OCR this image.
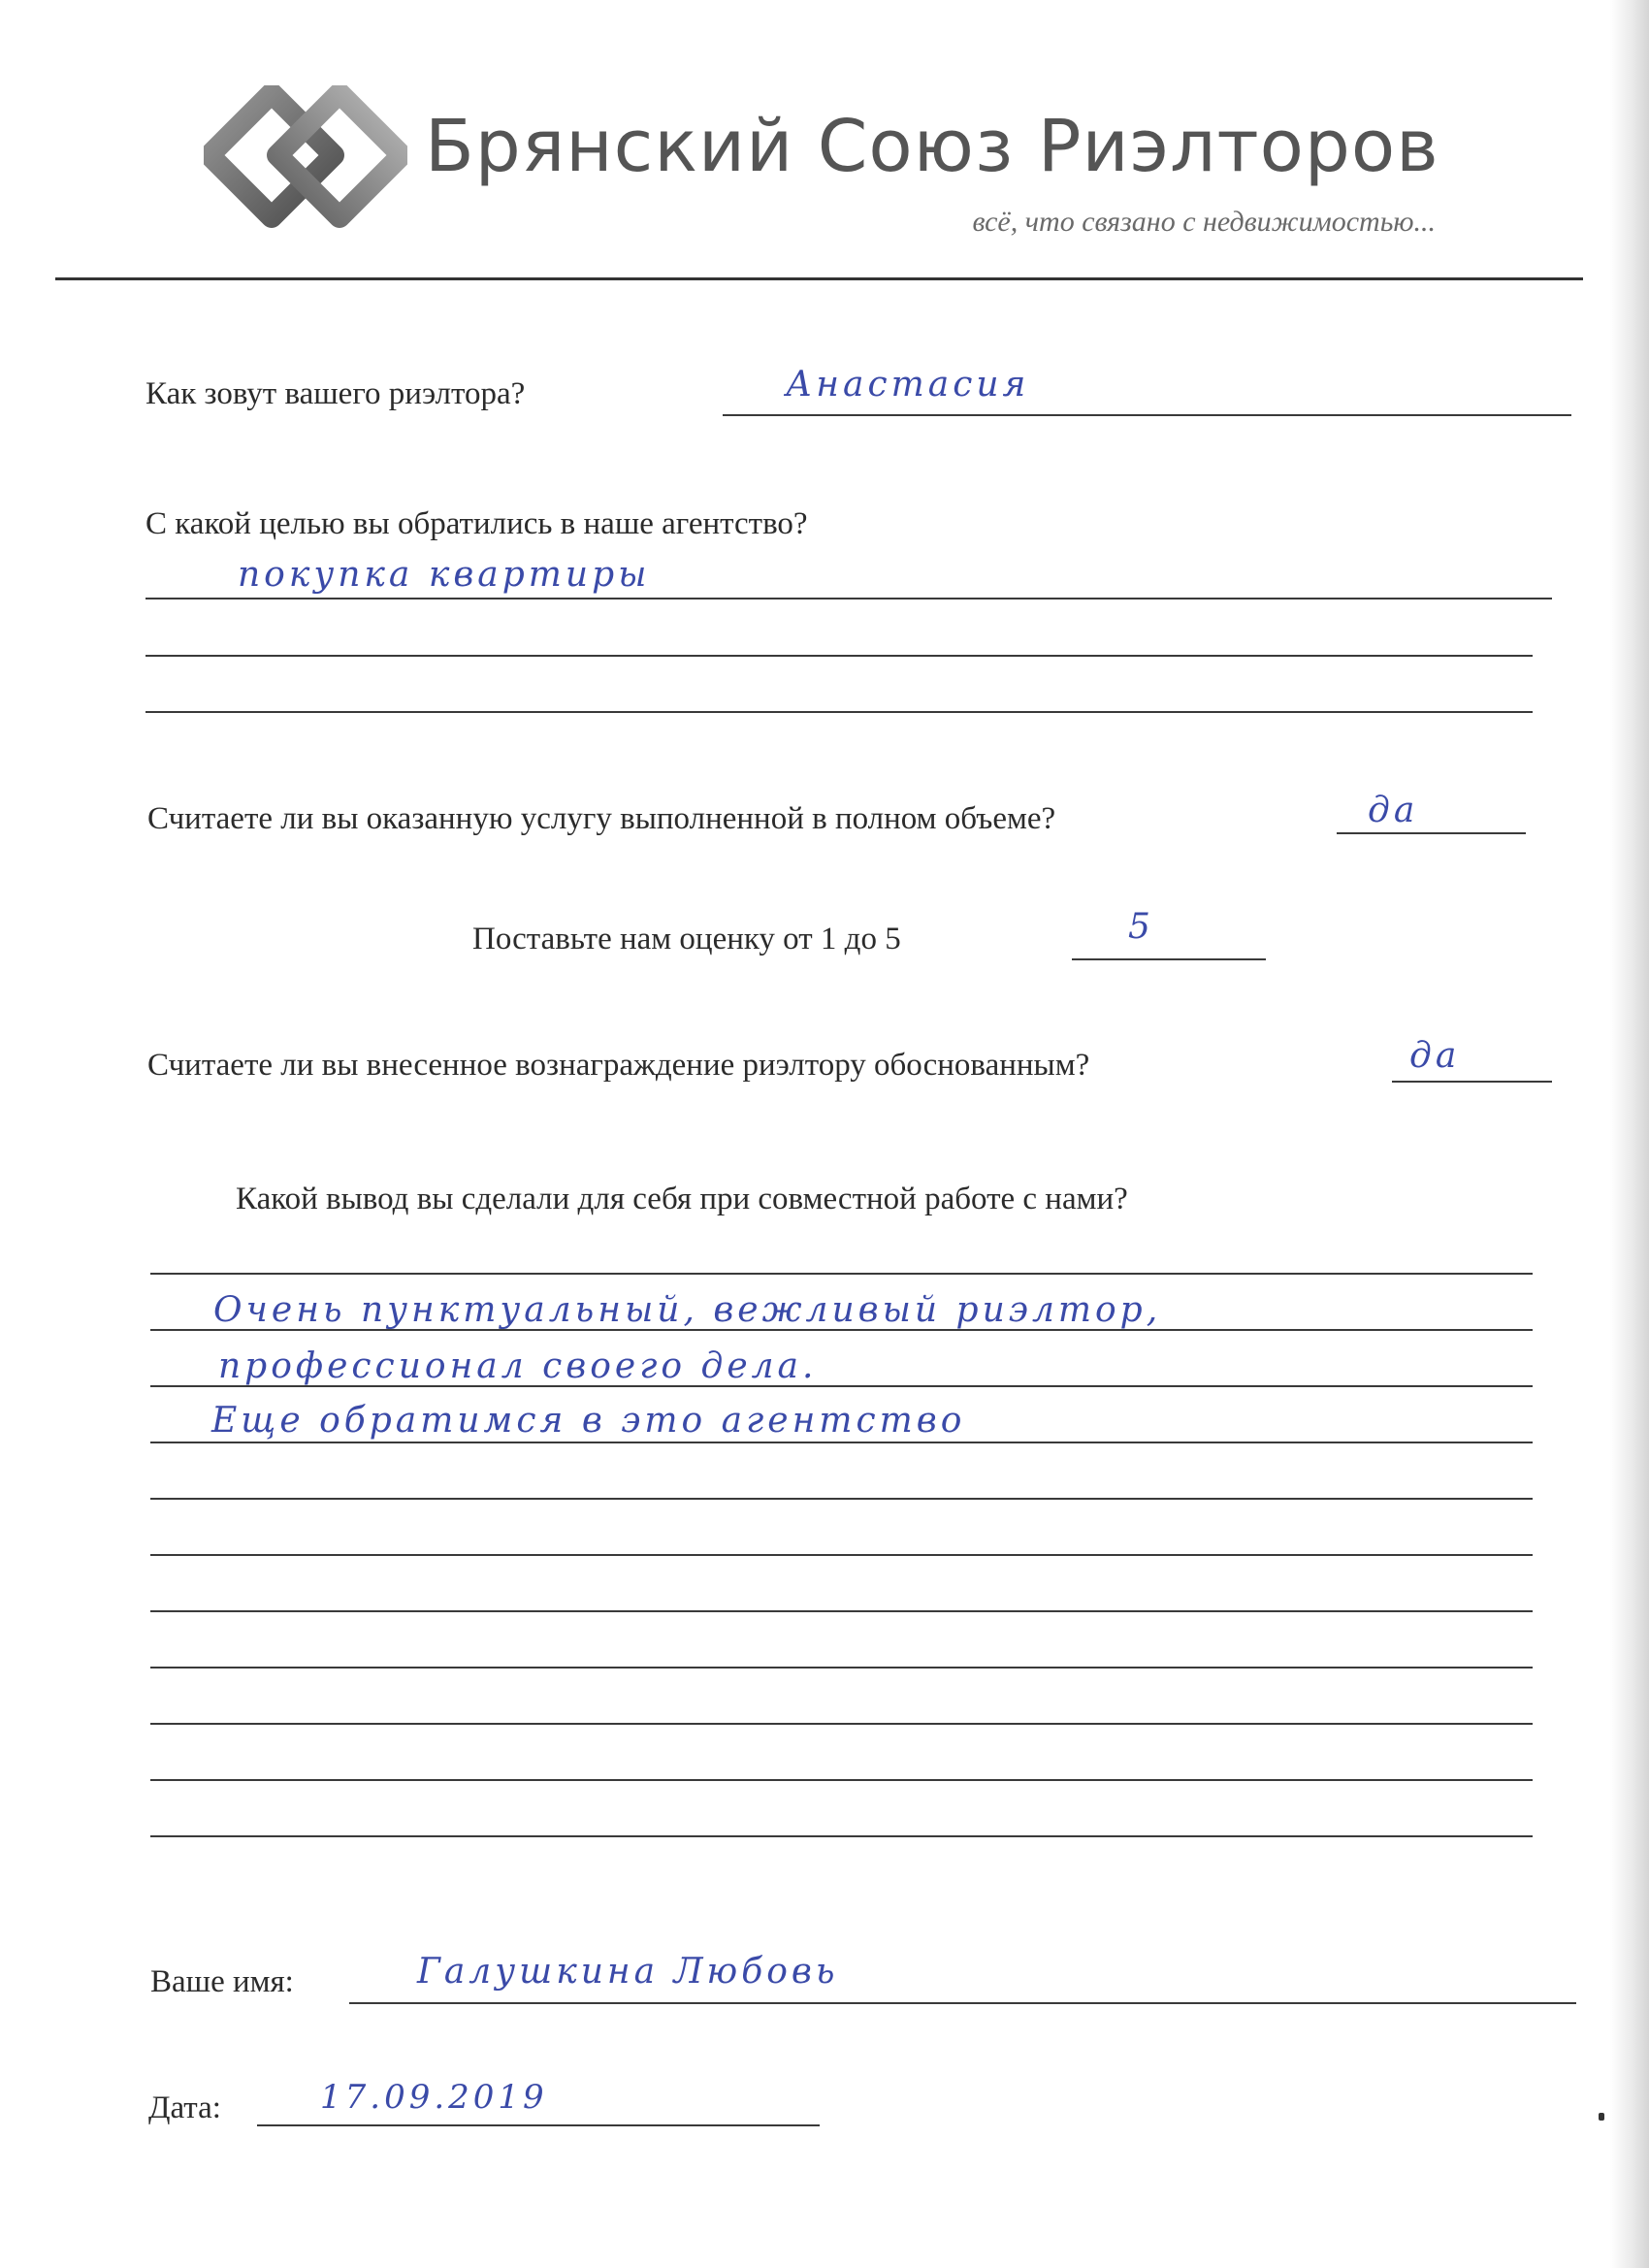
Брянский Союз Риэлторов
всё, что связано с недвижимостью...
Как зовут вашего риэлтора?	Анастасия
С какой целью вы обратились в наше агентство?
покупка квартиры
Считаете ли вы оказанную услугу выполненной в полном объеме?	да
Поставьте нам оценку от 1 до 5	5
Считаете ли вы внесенное вознаграждение риэлтору обоснованным?	да
Какой вывод вы сделали для себя при совместной работе с нами?
Очень пунктуальный, вежливый риэлтор,
профессионал своего дела.
Еще обратимся в это агентство
Ваше имя:	Галушкина Любовь
Дата:	17.09.2019
